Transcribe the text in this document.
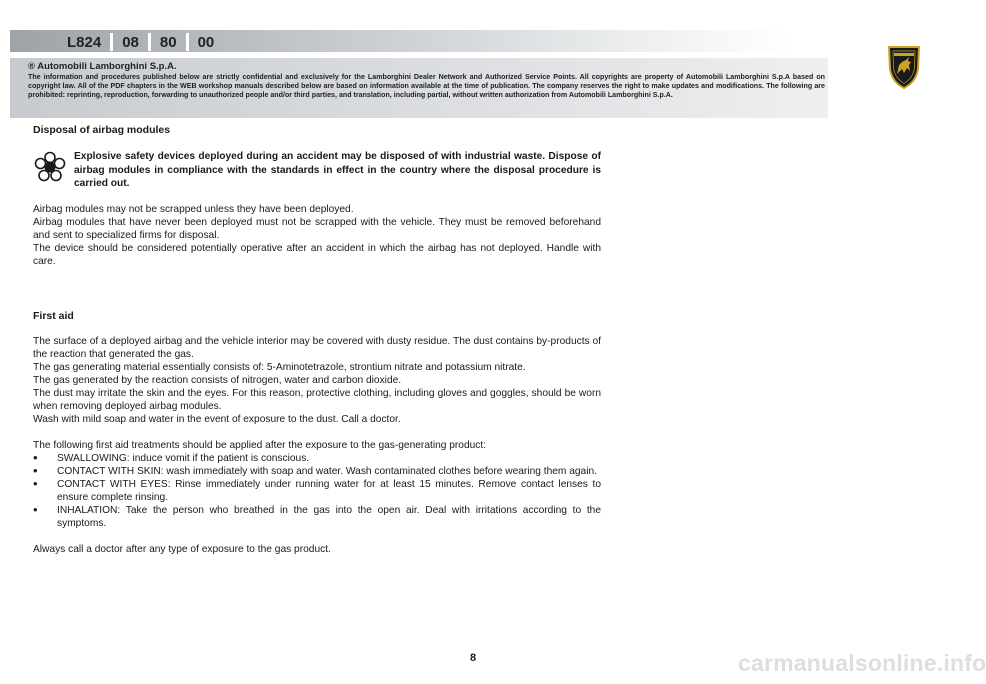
L824	08	80	00
® Automobili Lamborghini S.p.A.
The information and procedures published below are strictly confidential and exclusively for the Lamborghini Dealer Network and Authorized Service Points. All copyrights are property of Automobili Lamborghini S.p.A based on copyright law. All of the PDF chapters in the WEB workshop manuals described below are based on information available at the time of publication. The company reserves the right to make updates and modifications. The following are prohibited: reprinting, reproduction, forwarding to unauthorized people and/or third parties, and translation, including partial, without written authorization from Automobili Lamborghini S.p.A.

Disposal of airbag modules

Explosive safety devices deployed during an accident may be disposed of with industrial waste. Dispose of airbag modules in compliance with the standards in effect in the country where the disposal procedure is carried out.

Airbag modules may not be scrapped unless they have been deployed.

Airbag modules that have never been deployed must not be scrapped with the vehicle. They must be removed beforehand and sent to specialized firms for disposal.

The device should be considered potentially operative after an accident in which the airbag has not deployed. Handle with care.

First aid

The surface of a deployed airbag and the vehicle interior may be covered with dusty residue. The dust contains by-products of the reaction that generated the gas.

The gas generating material essentially consists of: 5-Aminotetrazole, strontium nitrate and potassium nitrate.

The gas generated by the reaction consists of nitrogen, water and carbon dioxide.

The dust may irritate the skin and the eyes. For this reason, protective clothing, including gloves and goggles, should be worn when removing deployed airbag modules.

Wash with mild soap and water in the event of exposure to the dust. Call a doctor.

The following first aid treatments should be applied after the exposure to the gas-generating product:

• SWALLOWING: induce vomit if the patient is conscious.
• CONTACT WITH SKIN: wash immediately with soap and water. Wash contaminated clothes before wearing them again.
• CONTACT WITH EYES: Rinse immediately under running water for at least 15 minutes. Remove contact lenses to ensure complete rinsing.
• INHALATION: Take the person who breathed in the gas into the open air. Deal with irritations according to the symptoms.

Always call a doctor after any type of exposure to the gas product.

8	carmanualsonline.info
